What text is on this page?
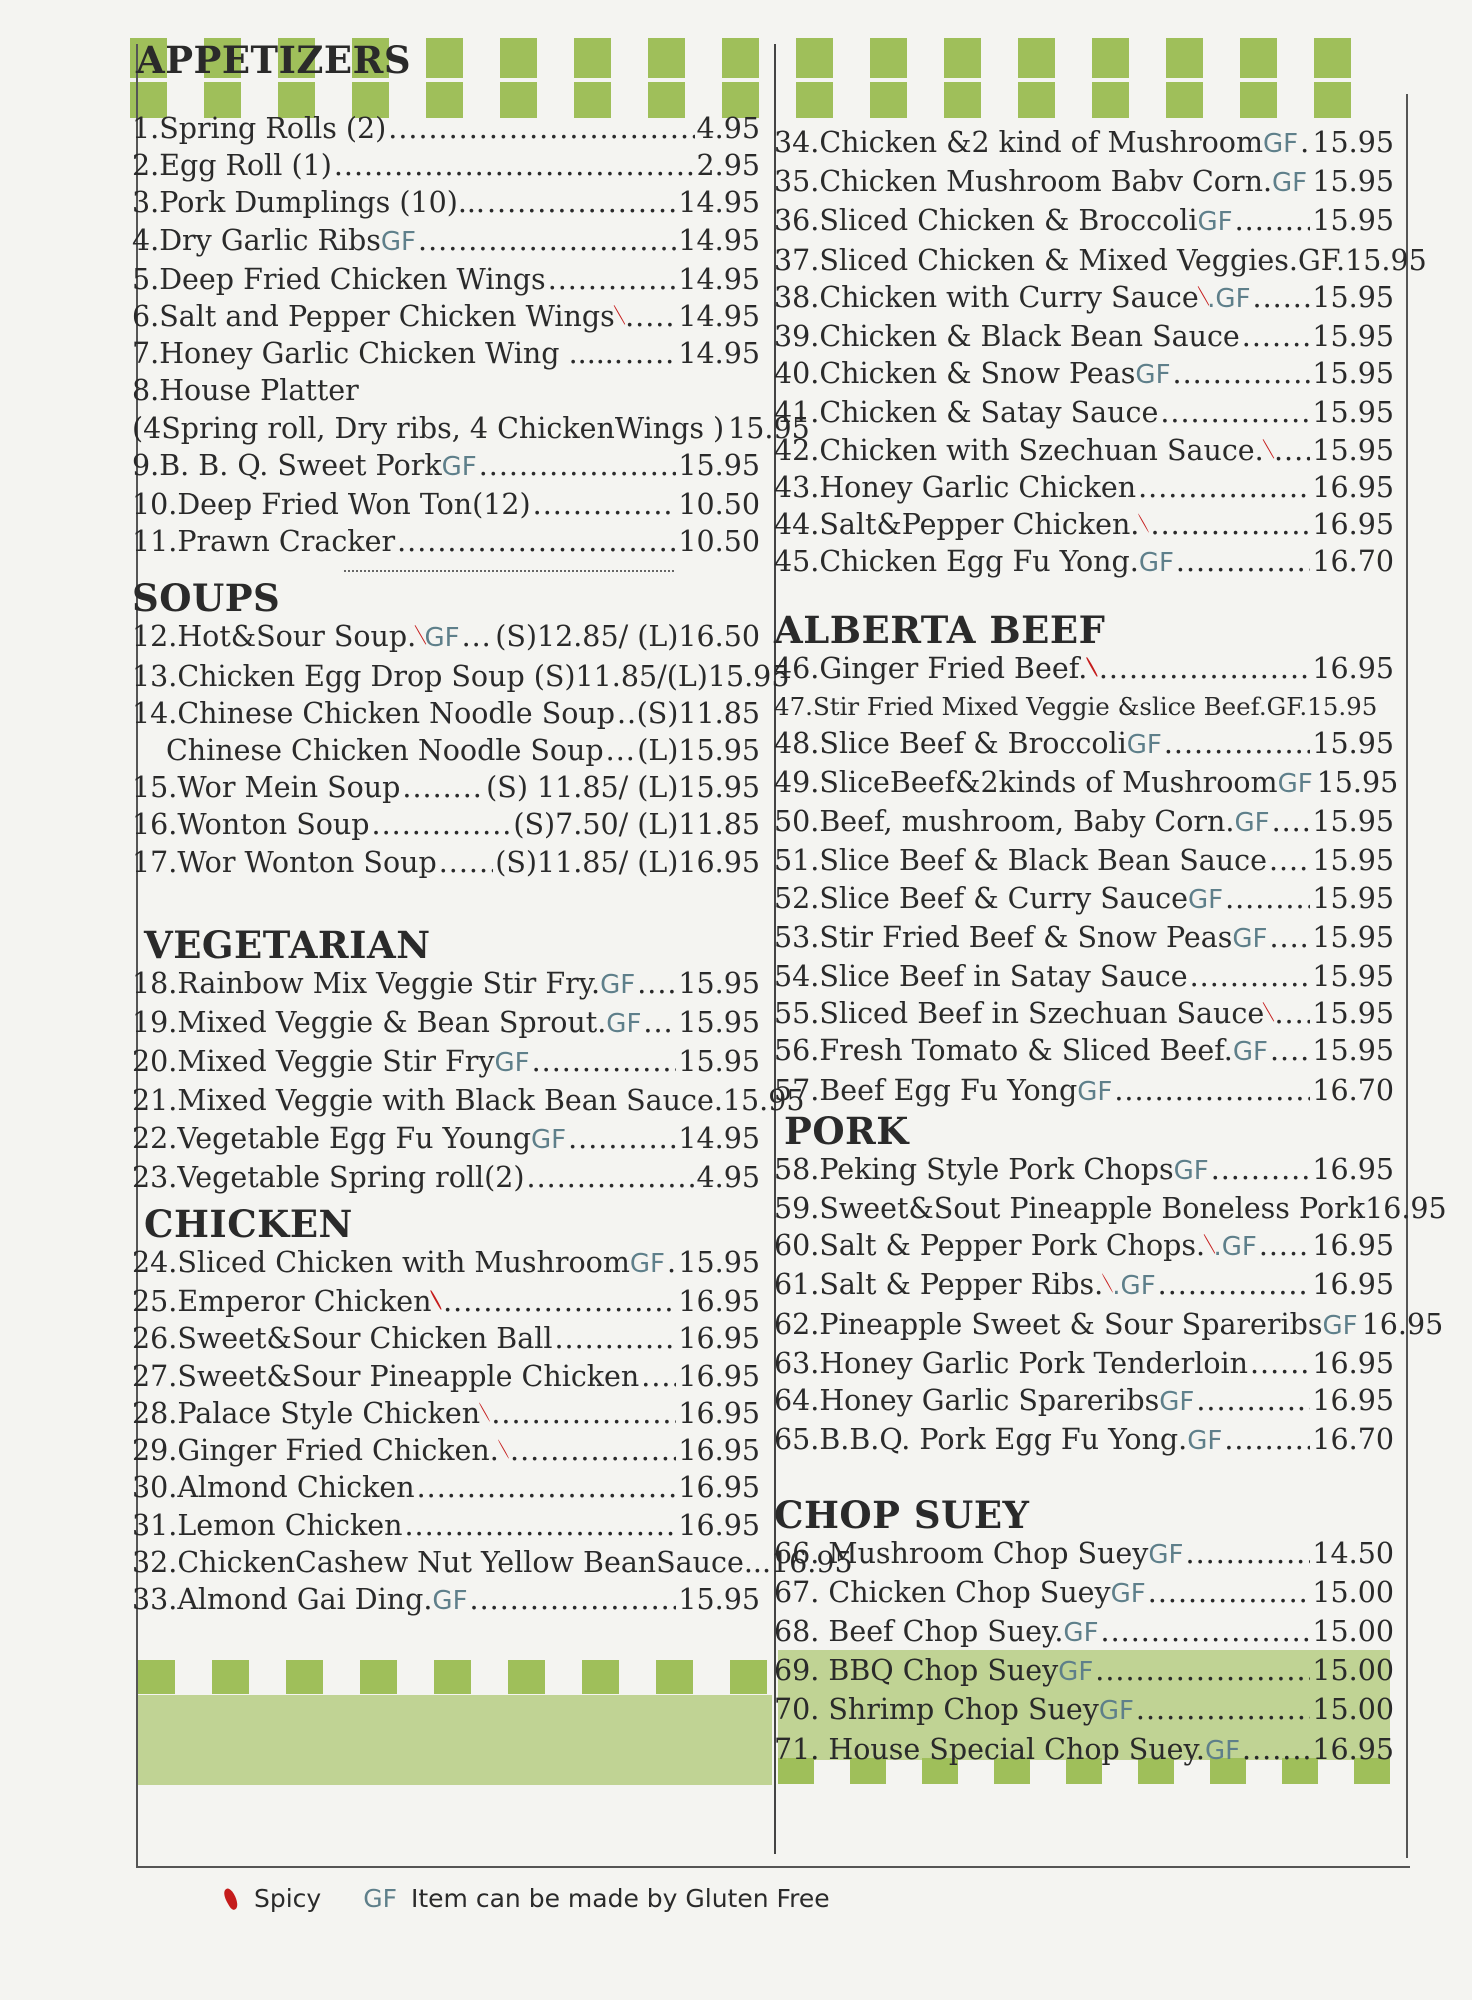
APPETIZERS
1.Spring Rolls (2) .....	4.95
2.Egg Roll (1) .....	2.95
3.Pork Dumplings (10)... .....	14.95
4.Dry Garlic Ribs GF .....	14.95
5.Deep Fried Chicken Wings .....	14.95
6.Salt and Pepper Chicken Wings ..... 14.95
7.Honey Garlic Chicken Wing ...... ..... 14.95
8.House Platter
(4Spring roll, Dry ribs, 4 ChickenWings ) 15.95
9.B. B. Q. Sweet Pork GF .....	15.95
10.Deep Fried Won Ton(12) .....	10.50
11.Prawn Cracker .....	10.50
SOUPS
12.Hot&Sour Soup. GF ..... (S)12.85/ (L)16.50
13.Chicken Egg Drop Soup (S)11.85/(L)15.95
14.Chinese Chicken Noodle Soup ..... (S)11.85
Chinese Chicken Noodle Soup ..... (L)15.95
15.Wor Mein Soup .....	(S) 11.85/ (L)15.95
16.Wonton Soup .....	(S)7.50/ (L)11.85
17.Wor Wonton Soup ..... (S)11.85/ (L)16.95
VEGETARIAN
18.Rainbow Mix Veggie Stir Fry. GF ..... 15.95
19.Mixed Veggie & Bean Sprout. GF ..... 15.95
20.Mixed Veggie Stir Fry GF .....	15.95
21.Mixed Veggie with Black Bean Sauce.15.95
22.Vegetable Egg Fu Young GF .....	14.95
23.Vegetable Spring roll(2) .....	4.95
CHICKEN
24.Sliced Chicken with Mushroom GF ..... 15.95
25.Emperor Chicken .....	16.95
26.Sweet&Sour Chicken Ball .....	16.95
27.Sweet&Sour Pineapple Chicken ..... 16.95
28.Palace Style Chicken .....	16.95
29.Ginger Fried Chicken. .....	16.95
30.Almond Chicken .....	16.95
31.Lemon Chicken .....	16.95
32.ChickenCashew Nut Yellow BeanSauce...16.95
33.Almond Gai Ding. GF .....	15.95
34.Chicken &2 kind of Mushroom GF ..... 15.95
35.Chicken Mushroom Babv Corn. GF ..... 15.95
36.Sliced Chicken & Broccoli GF .....	15.95
37.Sliced Chicken & Mixed Veggies.GF.15.95
38.Chicken with Curry Sauce .GF ..... 15.95
39.Chicken & Black Bean Sauce .....	15.95
40.Chicken & Snow Peas GF .....	15.95
41.Chicken & Satay Sauce .....	15.95
42.Chicken with Szechuan Sauce. ..... 15.95
43.Honey Garlic Chicken .....	16.95
44.Salt&Pepper Chicken. .....	16.95
45.Chicken Egg Fu Yong. GF .....	16.70
ALBERTA BEEF
46.Ginger Fried Beef. .....	16.95
47.Stir Fried Mixed Veggie &slice Beef.GF.15.95
48.Slice Beef & Broccoli GF .....	15.95
49.SliceBeef&2kinds of Mushroom GF 15.95
50.Beef, mushroom, Baby Corn. GF ..... 15.95
51.Slice Beef & Black Bean Sauce ..... 15.95
52.Slice Beef & Curry Sauce GF .....	15.95
53.Stir Fried Beef & Snow Peas GF ..... 15.95
54.Slice Beef in Satay Sauce .....	15.95
55.Sliced Beef in Szechuan Sauce ..... 15.95
56.Fresh Tomato & Sliced Beef. GF ..... 15.95
57.Beef Egg Fu Yong GF .....	16.70
PORK
58.Peking Style Pork Chops GF .....	16.95
59.Sweet&Sout Pineapple Boneless Pork16.95
60.Salt & Pepper Pork Chops. .GF ..... 16.95
61.Salt & Pepper Ribs. .GF .....	16.95
62.Pineapple Sweet & Sour Spareribs GF 16.95
63.Honey Garlic Pork Tenderloin ..... 16.95
64.Honey Garlic Spareribs GF .....	16.95
65.B.B.Q. Pork Egg Fu Yong. GF .....	16.70
CHOP SUEY
66. Mushroom Chop Suey GF .....	14.50
67. Chicken Chop Suey GF .....	15.00
68. Beef Chop Suey. GF .....	15.00
69. BBQ Chop Suey GF .....	15.00
70. Shrimp Chop Suey GF .....	15.00
71. House Special Chop Suey. GF .....	16.95
Spicy GF Item can be made by Gluten Free
